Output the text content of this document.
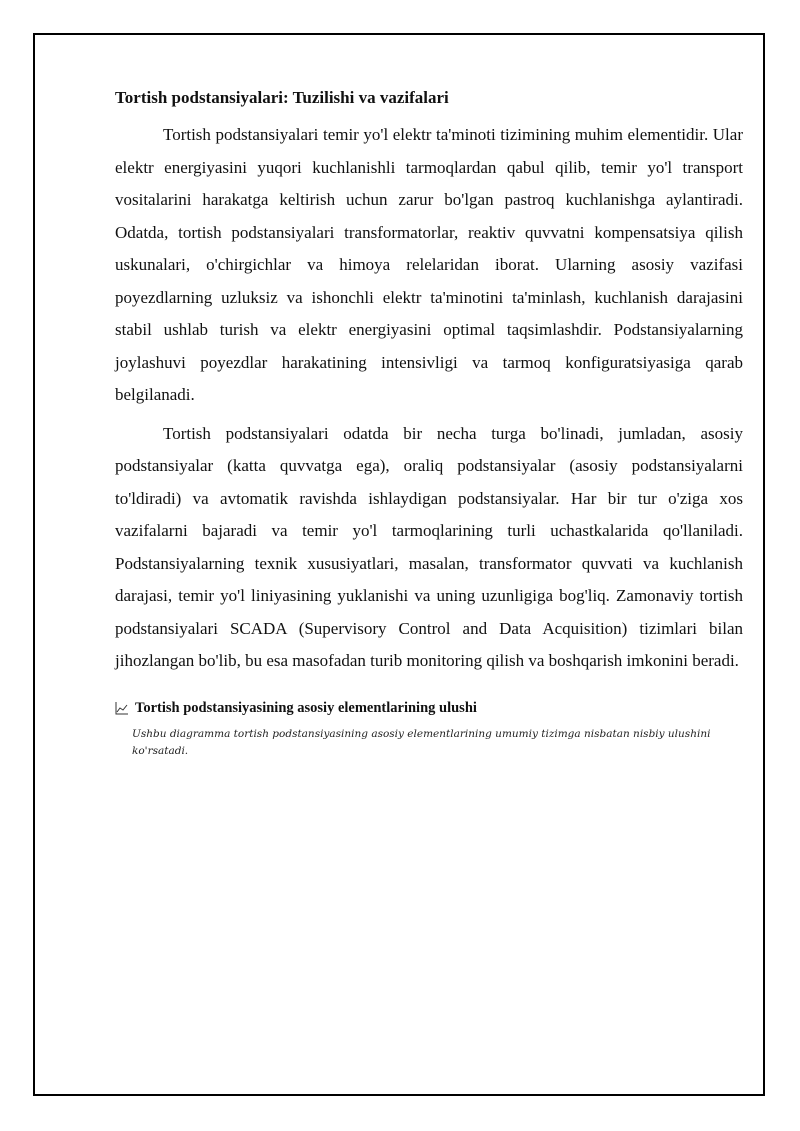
Tortish podstansiyalari: Tuzilishi va vazifalari

Tortish podstansiyalari temir yo'l elektr ta'minoti tizimining muhim elementidir. Ular elektr energiyasini yuqori kuchlanishli tarmoqlardan qabul qilib, temir yo'l transport vositalarini harakatga keltirish uchun zarur bo'lgan pastroq kuchlanishga aylantiradi. Odatda, tortish podstansiyalari transformatorlar, reaktiv quvvatni kompensatsiya qilish uskunalari, o'chirgichlar va himoya relelaridan iborat. Ularning asosiy vazifasi poyezdlarning uzluksiz va ishonchli elektr ta'minotini ta'minlash, kuchlanish darajasini stabil ushlab turish va elektr energiyasini optimal taqsimlashdir. Podstansiyalarning joylashuvi poyezdlar harakatining intensivligi va tarmoq konfiguratsiyasiga qarab belgilanadi.

Tortish podstansiyalari odatda bir necha turga bo'linadi, jumladan, asosiy podstansiyalar (katta quvvatga ega), oraliq podstansiyalar (asosiy podstansiyalarni to'ldiradi) va avtomatik ravishda ishlaydigan podstansiyalar. Har bir tur o'ziga xos vazifalarni bajaradi va temir yo'l tarmoqlarining turli uchastkalarida qo'llaniladi. Podstansiyalarning texnik xususiyatlari, masalan, transformator quvvati va kuchlanish darajasi, temir yo'l liniyasining yuklanishi va uning uzunligiga bog'liq. Zamonaviy tortish podstansiyalari SCADA (Supervisory Control and Data Acquisition) tizimlari bilan jihozlangan bo'lib, bu esa masofadan turib monitoring qilish va boshqarish imkonini beradi.

Tortish podstansiyasining asosiy elementlarining ulushi
Ushbu diagramma tortish podstansiyasining asosiy elementlarining umumiy tizimga nisbatan nisbiy ulushini ko'rsatadi.
